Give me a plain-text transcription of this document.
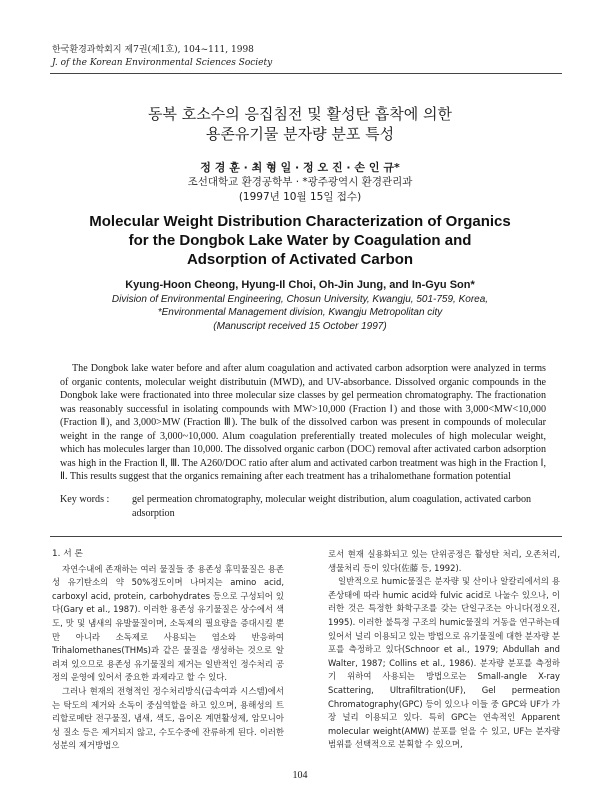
한국환경과학회지 제7권(제1호), 104~111, 1998
J. of the Korean Environmental Sciences Society
동복 호소수의 응집침전 및 활성탄 흡착에 의한
용존유기물 분자량 분포 특성
정 경 훈 · 최 형 일 · 정 오 진 · 손 인 규*
조선대학교 환경공학부 · *광주광역시 환경관리과
(1997년 10월 15일 접수)
Molecular Weight Distribution Characterization of Organics
for the Dongbok Lake Water by Coagulation and
Adsorption of Activated Carbon
Kyung-Hoon Cheong, Hyung-Il Choi, Oh-Jin Jung, and In-Gyu Son*
Division of Environmental Engineering, Chosun University, Kwangju, 501-759, Korea,
*Environmental Management division, Kwangju Metropolitan city
(Manuscript received 15 October 1997)
The Dongbok lake water before and after alum coagulation and activated carbon adsorption were analyzed in terms of organic contents, molecular weight distributuin (MWD), and UV-absorbance. Dissolved organic compounds in the Dongbok lake were fractionated into three molecular size classes by gel permeation chromatography. The fractionation was reasonably successful in isolating compounds with MW>10,000 (Fraction Ⅰ) and those with 3,000<MW<10,000 (Fraction Ⅱ), and 3,000>MW (Fraction Ⅲ). The bulk of the dissolved carbon was present in compounds of molecular weight in the range of 3,000~10,000. Alum coagulation preferentially treated molecules of high molecular weight, which has molecules larger than 10,000. The dissolved organic carbon (DOC) removal after activated carbon adsorption was high in the Fraction Ⅱ, Ⅲ. The A260/DOC ratio after alum and activated carbon treatment was high in the Fraction Ⅰ, Ⅱ. This results suggest that the organics remaining after each treatment has a trihalomethane formation potential
Key words : gel permeation chromatography, molecular weight distribution, alum coagulation, activated carbon adsorption

1. 서 론

자연수내에 존재하는 여러 물질들 중 용존성 휴믹물질은 용존성 유기탄소의 약 50%정도이며 나머지는 amino acid, carboxyl acid, protein, carbohydrates 등으로 구성되어 있다(Gary et al., 1987). 이러한 용존성 유기물질은 상수에서 색도, 맛 및 냄새의 유발물질이며, 소독제의 필요량을 증대시킬 뿐만 아니라 소독제로 사용되는 염소와 반응하여 Trihalomethanes(THMs)과 같은 물질을 생성하는 것으로 알려져 있으므로 용존성 유기물질의 제거는 일반적인 정수처리 공정의 운영에 있어서 중요한 과제라고 할 수 있다.

그러나 현재의 전형적인 정수처리방식(급속여과 시스템)에서는 탁도의 제거와 소독이 중심역할을 하고 있으며, 용해성의 트리할로메탄 전구물질, 냄새, 색도, 음이온 계면활성제, 암모니아성 질소 등은 제거되지 않고, 수도수중에 잔류하게 된다. 이러한 성분의 제거방법으

로서 현재 실용화되고 있는 단위공정은 활성탄 처리, 오존처리, 생물처리 등이 있다(佐藤 등, 1992).

일반적으로 humic물질은 분자량 및 산이나 알칼리에서의 용존상태에 따라 humic acid와 fulvic acid로 나눌수 있으나, 이러한 것은 특정한 화학구조를 갖는 단일구조는 아니다(정오진, 1995). 이러한 불특정 구조의 humic물질의 거동을 연구하는데 있어서 널리 이용되고 있는 방법으로 유기물질에 대한 분자량 분포를 측정하고 있다(Schnoor et al., 1979; Abdullah and Walter, 1987; Collins et al., 1986). 분자량 분포를 측정하기 위하여 사용되는 방법으로는 Small-angle X-ray Scattering, Ultrafiltration(UF), Gel permeation Chromatography(GPC) 등이 있으나 이들 중 GPC와 UF가 가장 널리 이용되고 있다. 특히 GPC는 연속적인 Apparent molecular weight(AMW) 분포를 얻을 수 있고, UF는 분자량 범위를 선택적으로 분획할 수 있으며,

104
